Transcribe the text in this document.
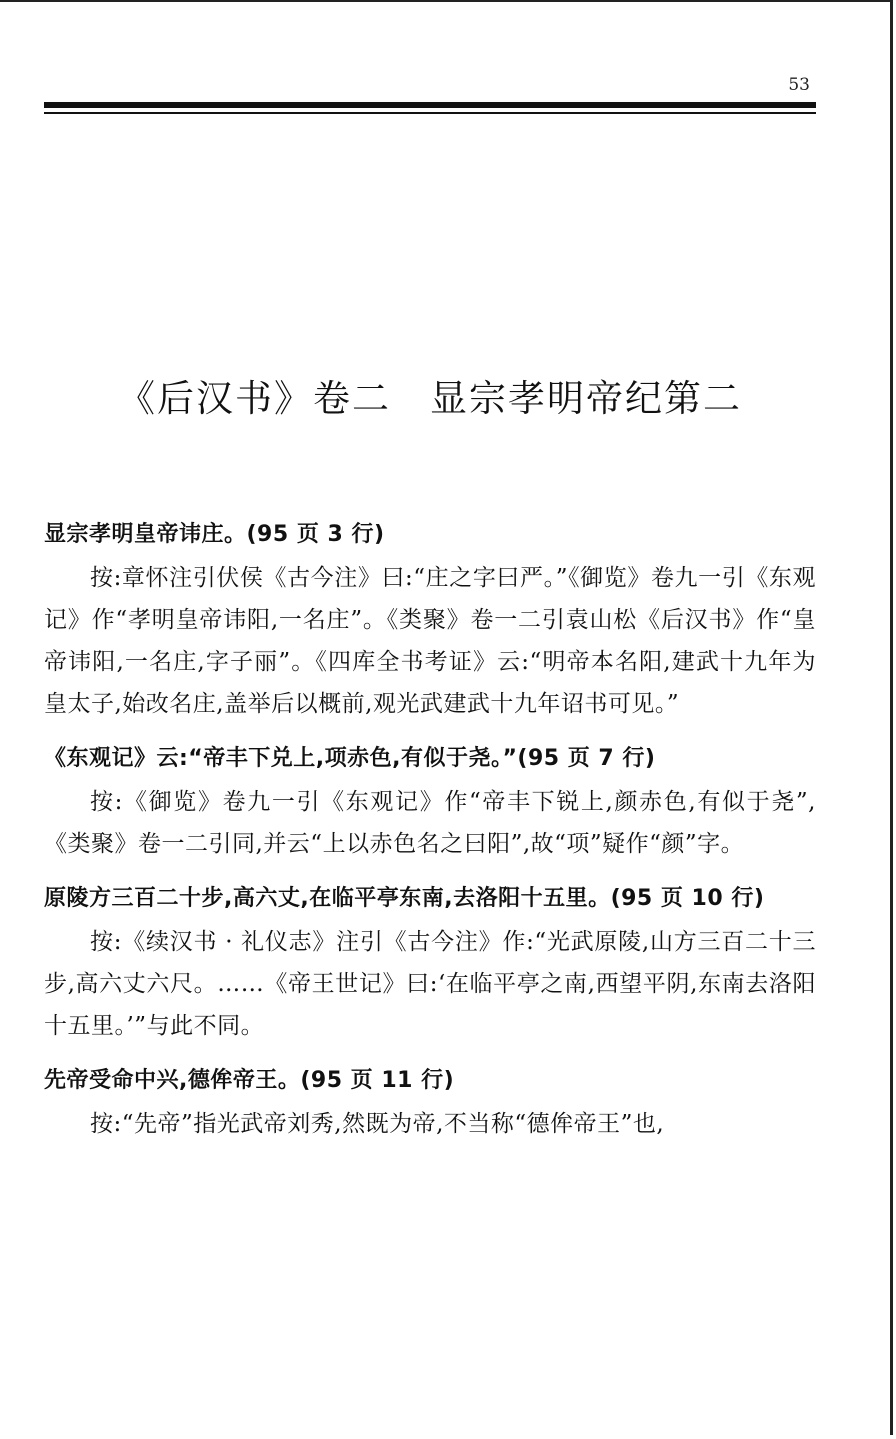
53
《后汉书》卷二　显宗孝明帝纪第二
显宗孝明皇帝讳庄。(95 页 3 行)
按:章怀注引伏侯《古今注》曰:“庄之字曰严。”《御览》卷九一引《东观记》作“孝明皇帝讳阳,一名庄”。《类聚》卷一二引袁山松《后汉书》作“皇帝讳阳,一名庄,字子丽”。《四库全书考证》云:“明帝本名阳,建武十九年为皇太子,始改名庄,盖举后以概前,观光武建武十九年诏书可见。”
《东观记》云:“帝丰下兑上,项赤色,有似于尧。”(95 页 7 行)
按:《御览》卷九一引《东观记》作“帝丰下锐上,颜赤色,有似于尧”,《类聚》卷一二引同,并云“上以赤色名之曰阳”,故“项”疑作“颜”字。
原陵方三百二十步,高六丈,在临平亭东南,去洛阳十五里。(95 页 10 行)
按:《续汉书 · 礼仪志》注引《古今注》作:“光武原陵,山方三百二十三步,高六丈六尺。……《帝王世记》曰:‘在临平亭之南,西望平阴,东南去洛阳十五里。’”与此不同。
先帝受命中兴,德侔帝王。(95 页 11 行)
按:“先帝”指光武帝刘秀,然既为帝,不当称“德侔帝王”也,
